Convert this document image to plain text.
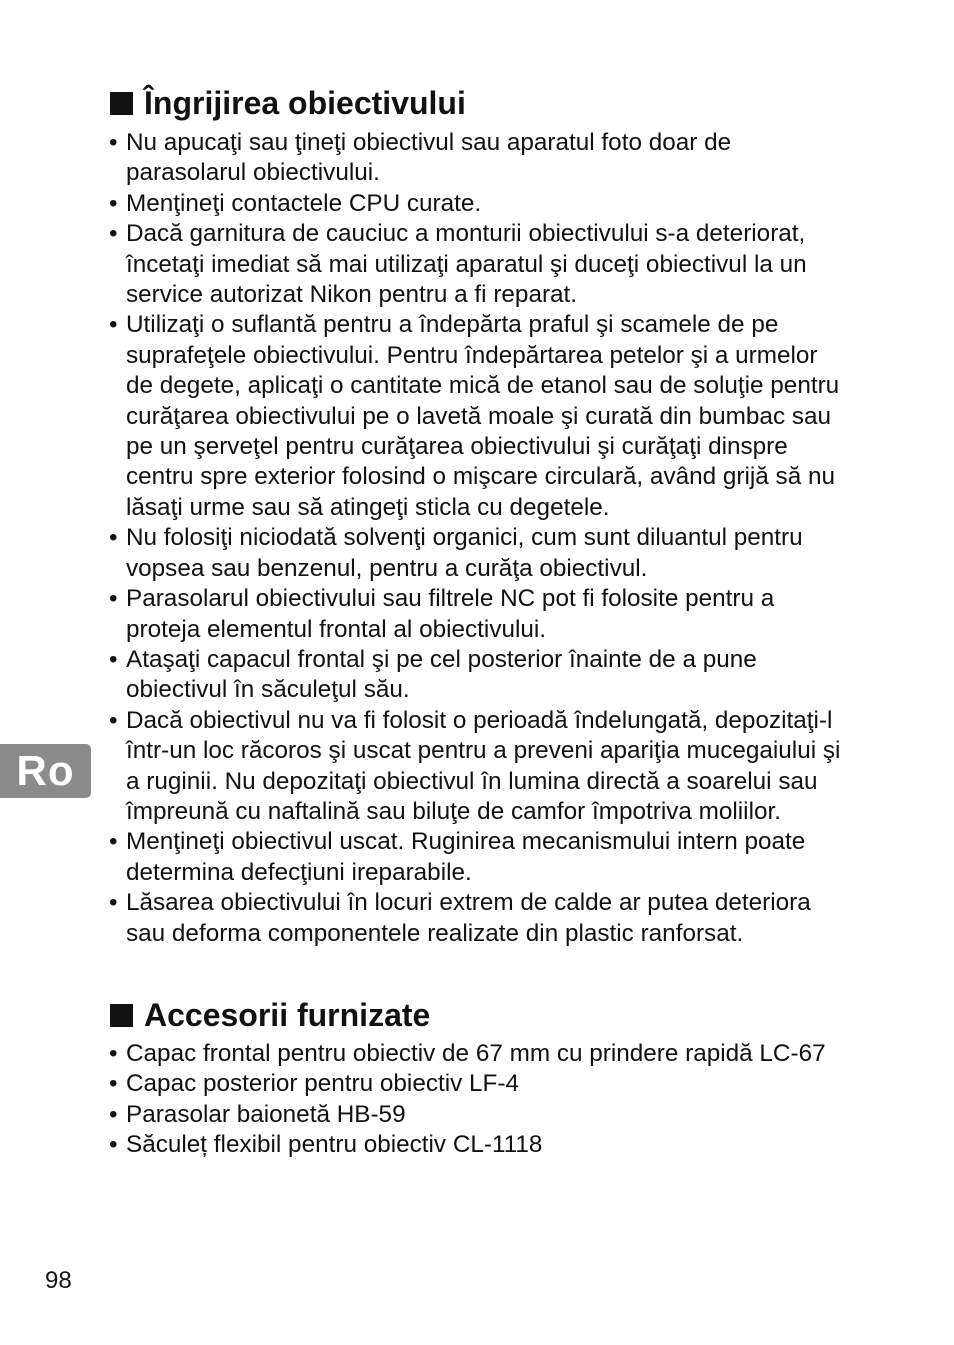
Îngrijirea obiectivului
• Nu apucaţi sau ţineţi obiectivul sau aparatul foto doar de parasolarul obiectivului.
• Menţineţi contactele CPU curate.
• Dacă garnitura de cauciuc a monturii obiectivului s-a deteriorat, încetaţi imediat să mai utilizaţi aparatul şi duceţi obiectivul la un service autorizat Nikon pentru a fi reparat.
• Utilizaţi o suflantă pentru a îndepărta praful şi scamele de pe suprafeţele obiectivului. Pentru îndepărtarea petelor şi a urmelor de degete, aplicaţi o cantitate mică de etanol sau de soluţie pentru curăţarea obiectivului pe o lavetă moale şi curată din bumbac sau pe un şerveţel pentru curăţarea obiectivului şi curăţaţi dinspre centru spre exterior folosind o mişcare circulară, având grijă să nu lăsaţi urme sau să atingeţi sticla cu degetele.
• Nu folosiţi niciodată solvenţi organici, cum sunt diluantul pentru vopsea sau benzenul, pentru a curăţa obiectivul.
• Parasolarul obiectivului sau filtrele NC pot fi folosite pentru a proteja elementul frontal al obiectivului.
• Ataşaţi capacul frontal şi pe cel posterior înainte de a pune obiectivul în săculeţul său.
• Dacă obiectivul nu va fi folosit o perioadă îndelungată, depozitaţi-l într-un loc răcoros şi uscat pentru a preveni apariţia mucegaiului şi a ruginii. Nu depozitaţi obiectivul în lumina directă a soarelui sau împreună cu naftalină sau biluţe de camfor împotriva moliilor.
• Menţineţi obiectivul uscat. Ruginirea mecanismului intern poate determina defecţiuni ireparabile.
• Lăsarea obiectivului în locuri extrem de calde ar putea deteriora sau deforma componentele realizate din plastic ranforsat.
Accesorii furnizate
• Capac frontal pentru obiectiv de 67 mm cu prindere rapidă LC-67
• Capac posterior pentru obiectiv LF-4
• Parasolar baionetă HB-59
• Săculeț flexibil pentru obiectiv CL-1118
Ro
98
